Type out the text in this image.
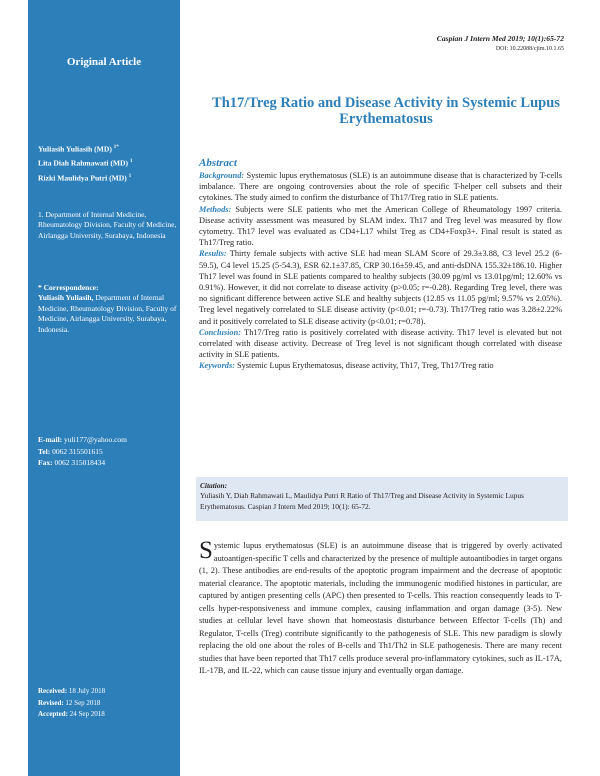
Original Article
Yuliasih Yuliasih (MD) $^{1*}$
Lita Diah Rahmawati (MD) $^1$
Rizki Maulidya Putri (MD) $^1$
1. Department of Internal Medicine, Rheumatology Division, Faculty of Medicine, Airlangga University, Surabaya, Indonesia
* Correspondence:
Yuliasih Yuliasih, Department of Internal Medicine, Rheumatology Division, Faculty of Medicine, Airlangga University, Surabaya, Indonesia.
E-mail: yuli177@yahoo.com
Tel: 0062 315501615
Fax: 0062 315018434
Received: 18 July 2018
Revised: 12 Sep 2018
Accepted: 24 Sep 2018
Caspian J Intern Med 2019; 10(1):65-72
DOI: 10.22088/cjim.10.1.65
Th17/Treg Ratio and Disease Activity in Systemic Lupus Erythematosus
Abstract

Background: Systemic lupus erythematosus (SLE) is an autoimmune disease that is characterized by T-cells imbalance. There are ongoing controversies about the role of specific T-helper cell subsets and their cytokines. The study aimed to confirm the disturbance of Th17/Treg ratio in SLE patients.

Methods: Subjects were SLE patients who met the American College of Rheumatology 1997 criteria. Disease activity assessment was measured by SLAM index. Th17 and Treg level was measured by flow cytometry. Th17 level was evaluated as CD4+L17 whilst Treg as CD4+Foxp3+. Final result is stated as Th17/Treg ratio.

Results: Thirty female subjects with active SLE had mean SLAM Score of 29.3±3.88, C3 level 25.2 (6-59.5), C4 level 15.25 (5-54.3), ESR 62.1±37.85, CRP 30.16±59.45, and anti-dsDNA 155.32±186.10. Higher Th17 level was found in SLE patients compared to healthy subjects (30.09 pg/ml vs 13.01pg/ml; 12.60% vs 0.91%). However, it did not correlate to disease activity (p>0.05; r=-0.28). Regarding Treg level, there was no significant difference between active SLE and healthy subjects (12.85 vs 11.05 pg/ml; 9.57% vs 2.05%). Treg level negatively correlated to SLE disease activity (p<0.01; r=-0.73). Th17/Treg ratio was 3.28±2.22% and it positively correlated to SLE disease activity (p<0.01; r=0.78).

Conclusion: Th17/Treg ratio is positively correlated with disease activity. Th17 level is elevated but not correlated with disease activity. Decrease of Treg level is not significant though correlated with disease activity in SLE patients.

Keywords: Systemic Lupus Erythematosus, disease activity, Th17, Treg, Th17/Treg ratio

Citation:
Yuliasih Y, Diah Rahmawati L, Maulidya Putri R Ratio of Th17/Treg and Disease Activity in Systemic Lupus Erythematosus. Caspian J Intern Med 2019; 10(1): 65-72.
Systemic lupus erythematosus (SLE) is an autoimmune disease that is triggered by overly activated autoantigen-specific T cells and characterized by the presence of multiple autoantibodies in target organs (1, 2). These antibodies are end-results of the apoptotic program impairment and the decrease of apoptotic material clearance. The apoptotic materials, including the immunogenic modified histones in particular, are captured by antigen presenting cells (APC) then presented to T-cells. This reaction consequently leads to T-cells hyper-responsiveness and immune complex, causing inflammation and organ damage (3-5). New studies at cellular level have shown that homeostasis disturbance between Effector T-cells (Th) and Regulator, T-cells (Treg) contribute significantly to the pathogenesis of SLE. This new paradigm is slowly replacing the old one about the roles of B-cells and Th1/Th2 in SLE pathogenesis. There are many recent studies that have been reported that Th17 cells produce several pro-inflammatory cytokines, such as IL-17A, IL-17B, and IL-22, which can cause tissue injury and eventually organ damage.
